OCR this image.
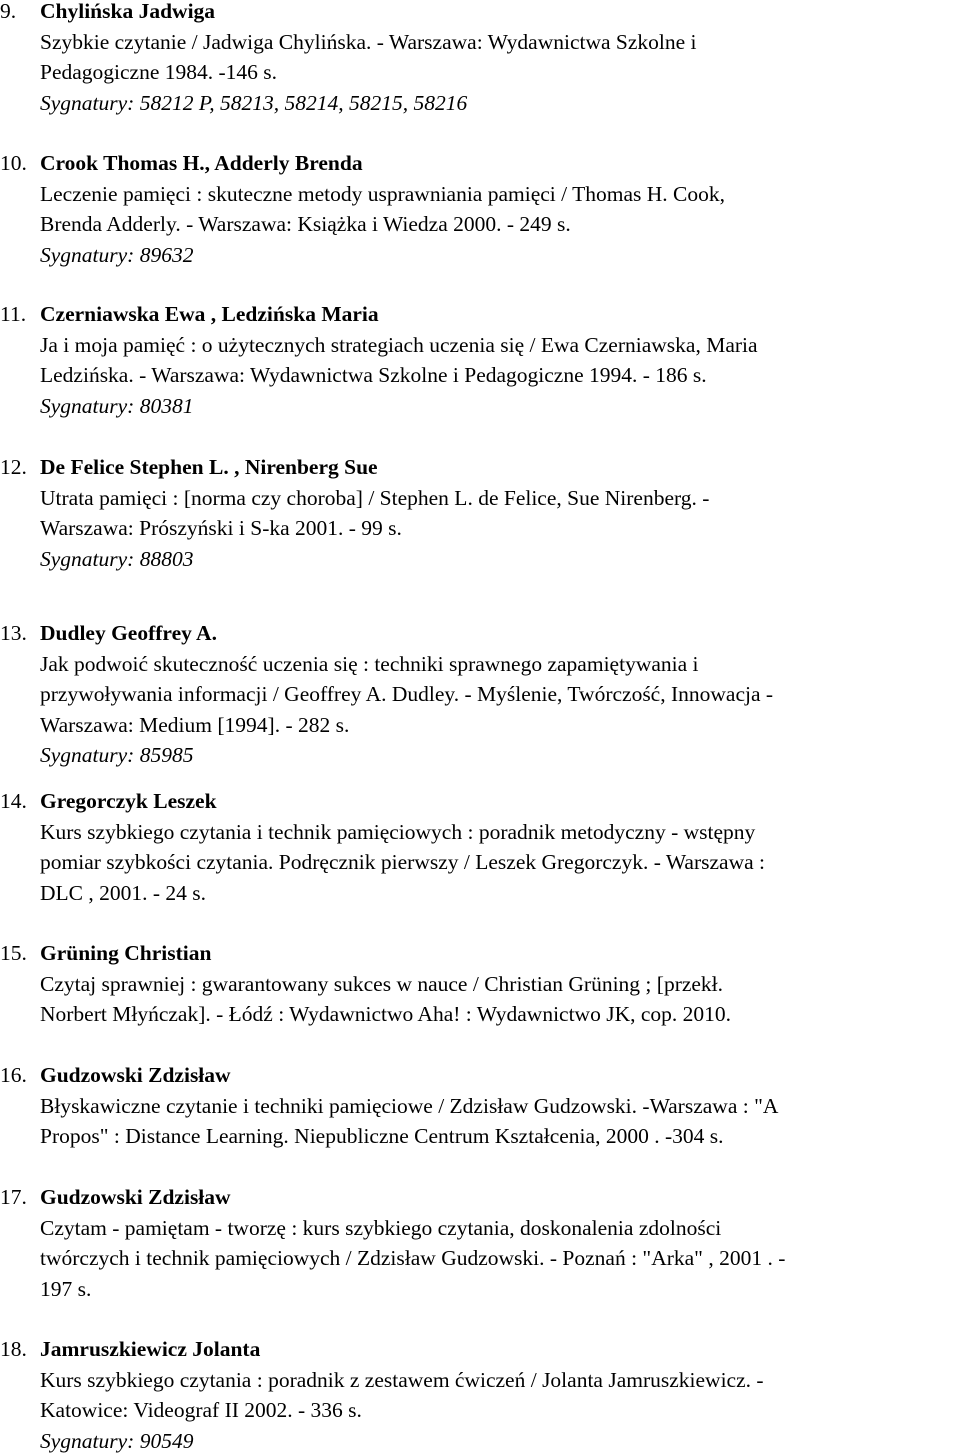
9. Chylińska Jadwiga
Szybkie czytanie / Jadwiga Chylińska. - Warszawa: Wydawnictwa Szkolne i
Pedagogiczne 1984. -146 s.
Sygnatury: 58212 P, 58213, 58214, 58215, 58216
10. Crook Thomas H., Adderly Brenda
Leczenie pamięci : skuteczne metody usprawniania pamięci / Thomas H. Cook,
Brenda Adderly. - Warszawa: Książka i Wiedza 2000. - 249 s.
Sygnatury: 89632
11. Czerniawska Ewa , Ledzińska Maria
Ja i moja pamięć : o użytecznych strategiach uczenia się / Ewa Czerniawska, Maria
Ledzińska. - Warszawa: Wydawnictwa Szkolne i Pedagogiczne 1994. - 186 s.
Sygnatury: 80381
12. De Felice Stephen L. , Nirenberg Sue
Utrata pamięci : [norma czy choroba] / Stephen L. de Felice, Sue Nirenberg. -
Warszawa: Prószyński i S-ka 2001. - 99 s.
Sygnatury: 88803
13. Dudley Geoffrey A.
Jak podwoić skuteczność uczenia się : techniki sprawnego zapamiętywania i
przywoływania informacji / Geoffrey A. Dudley. - Myślenie, Twórczość, Innowacja -
Warszawa: Medium [1994]. - 282 s.
Sygnatury: 85985
14. Gregorczyk Leszek
Kurs szybkiego czytania i technik pamięciowych : poradnik metodyczny - wstępny
pomiar szybkości czytania. Podręcznik pierwszy / Leszek Gregorczyk. - Warszawa :
DLC , 2001. - 24 s.
15. Grüning Christian
Czytaj sprawniej : gwarantowany sukces w nauce / Christian Grüning ; [przekł.
Norbert Młyńczak]. - Łódź : Wydawnictwo Aha! : Wydawnictwo JK, cop. 2010.
16. Gudzowski Zdzisław
Błyskawiczne czytanie i techniki pamięciowe / Zdzisław Gudzowski. -Warszawa : "A
Propos" : Distance Learning. Niepubliczne Centrum Kształcenia, 2000 . -304 s.
17. Gudzowski Zdzisław
Czytam - pamiętam - tworzę : kurs szybkiego czytania, doskonalenia zdolności
twórczych i technik pamięciowych / Zdzisław Gudzowski. - Poznań : "Arka" , 2001 . -
197 s.
18. Jamruszkiewicz Jolanta
Kurs szybkiego czytania : poradnik z zestawem ćwiczeń / Jolanta Jamruszkiewicz. -
Katowice: Videograf II 2002. - 336 s.
Sygnatury: 90549
